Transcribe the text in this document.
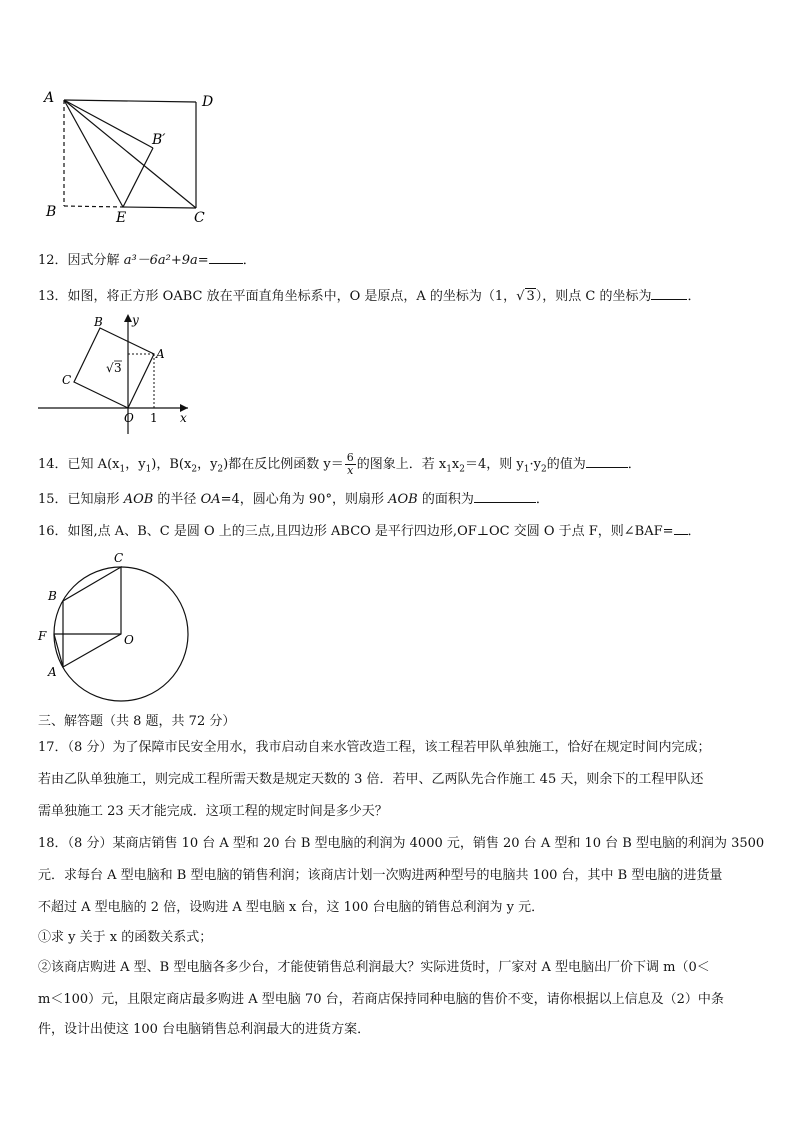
A	D
B′
B	E	C
12．因式分解 a³－6a²+9a=	．
13．如图，将正方形 OABC 放在平面直角坐标系中，O 是原点，A 的坐标为（1，√ 3），则点 C 的坐标为	．
B y
A
C
√ 3
O 1 x
14．已知 $A(x_1$，$y_1$)，$B(x_2$，$y_2$)都在反比例函数 $y= \frac{6}{x}$ 的图象上．若 $x_1x_2=4$，则 $y_1\cdot y_2$的值为	．
15．已知扇形 AOB 的半径 OA=4，圆心角为 90°，则扇形 AOB 的面积为	．
16．如图,点 A、B、C 是圆 O 上的三点,且四边形 ABCO 是平行四边形,OF⊥OC 交圆 O 于点 F，则∠BAF= ．
C
B
F	O
A
三、解答题（共 8 题，共 72 分）
17．（8 分）为了保障市民安全用水，我市启动自来水管改造工程，该工程若甲队单独施工，恰好在规定时间内完成；
若由乙队单独施工，则完成工程所需天数是规定天数的 3 倍．若甲、乙两队先合作施工 45 天，则余下的工程甲队还
需单独施工 23 天才能完成．这项工程的规定时间是多少天？
18．（8 分）某商店销售 10 台 A 型和 20 台 B 型电脑的利润为 4000 元，销售 20 台 A 型和 10 台 B 型电脑的利润为 3500
元．求每台 A 型电脑和 B 型电脑的销售利润；该商店计划一次购进两种型号的电脑共 100 台，其中 B 型电脑的进货量
不超过 A 型电脑的 2 倍，设购进 A 型电脑 x 台，这 100 台电脑的销售总利润为 y 元．
①求 y 关于 x 的函数关系式；
②该商店购进 A 型、B 型电脑各多少台，才能使销售总利润最大？实际进货时，厂家对 A 型电脑出厂价下调 m（0＜
m＜100）元，且限定商店最多购进 A 型电脑 70 台，若商店保持同种电脑的售价不变，请你根据以上信息及（2）中条
件，设计出使这 100 台电脑销售总利润最大的进货方案．
